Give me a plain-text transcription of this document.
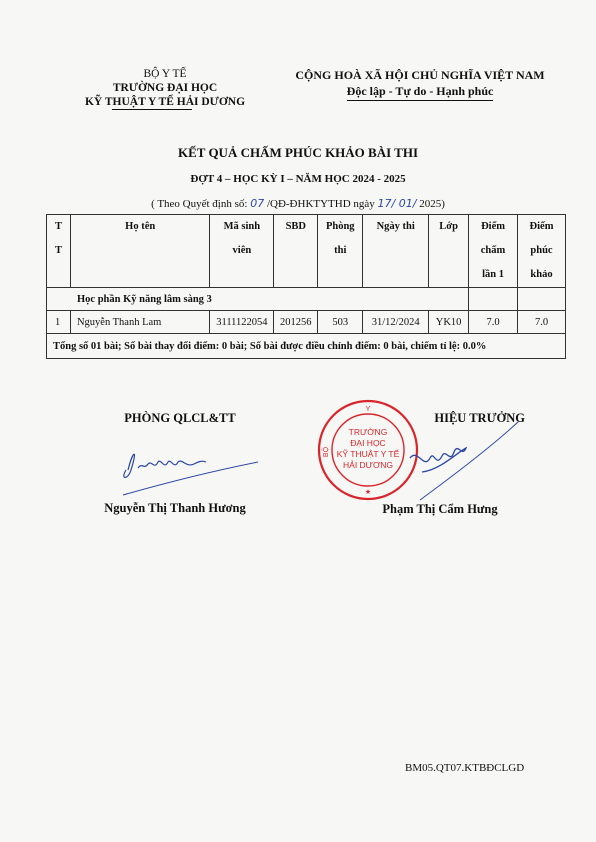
BỘ Y TẾ
TRƯỜNG ĐẠI HỌC
KỸ THUẬT Y TẾ HẢI DƯƠNG
CỘNG HOÀ XÃ HỘI CHỦ NGHĨA VIỆT NAM
Độc lập - Tự do - Hạnh phúc
KẾT QUẢ CHẤM PHÚC KHẢO BÀI THI
ĐỢT 4 – HỌC KỲ I – NĂM HỌC 2024 - 2025
( Theo Quyết định số: 07 /QĐ-ĐHKTYTHD ngày 17/ 01/ 2025)
T T	Họ tên	Mã sinh viên	SBD	Phòng thi	Ngày thi	Lớp	Điểm chấm lần 1	Điểm phúc khảo
Học phần Kỹ năng lâm sàng 3								
1	Nguyễn Thanh Lam	3111122054	201256	503	31/12/2024	YK10	7.0	7.0
Tổng số 01 bài; Số bài thay đổi điểm: 0 bài; Số bài được điều chỉnh điểm: 0 bài, chiếm tỉ lệ: 0.0%								
PHÒNG QLCL&TT	HIỆU TRƯỞNG
Y
BỘ
TRƯỜNG
ĐẠI HỌC
KỸ THUẬT Y TẾ
HẢI DƯƠNG
★
Nguyễn Thị Thanh Hương	Phạm Thị Cẩm Hưng
BM05.QT07.KTBĐCLGD
